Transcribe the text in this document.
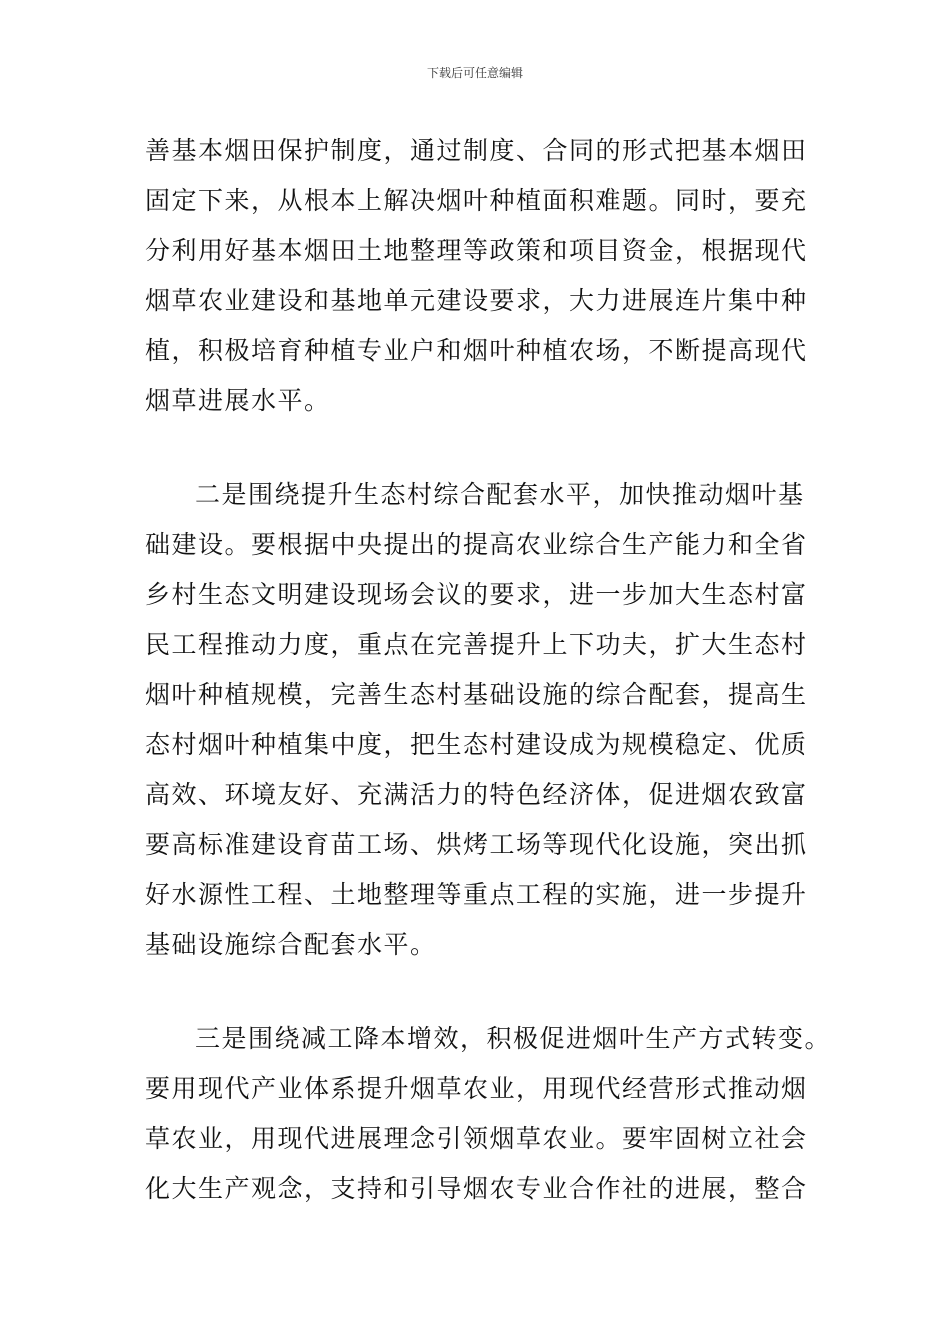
下载后可任意编辑
善基本烟田保护制度，通过制度、合同的形式把基本烟田
固定下来，从根本上解决烟叶种植面积难题。同时，要充
分利用好基本烟田土地整理等政策和项目资金，根据现代
烟草农业建设和基地单元建设要求，大力进展连片集中种
植，积极培育种植专业户和烟叶种植农场，不断提高现代
烟草进展水平。
二是围绕提升生态村综合配套水平，加快推动烟叶基
础建设。要根据中央提出的提高农业综合生产能力和全省
乡村生态文明建设现场会议的要求，进一步加大生态村富
民工程推动力度，重点在完善提升上下功夫，扩大生态村
烟叶种植规模，完善生态村基础设施的综合配套，提高生
态村烟叶种植集中度，把生态村建设成为规模稳定、优质
高效、环境友好、充满活力的特色经济体，促进烟农致富
要高标准建设育苗工场、烘烤工场等现代化设施，突出抓
好水源性工程、土地整理等重点工程的实施，进一步提升
基础设施综合配套水平。
三是围绕减工降本增效，积极促进烟叶生产方式转变。
要用现代产业体系提升烟草农业，用现代经营形式推动烟
草农业，用现代进展理念引领烟草农业。要牢固树立社会
化大生产观念，支持和引导烟农专业合作社的进展，整合
